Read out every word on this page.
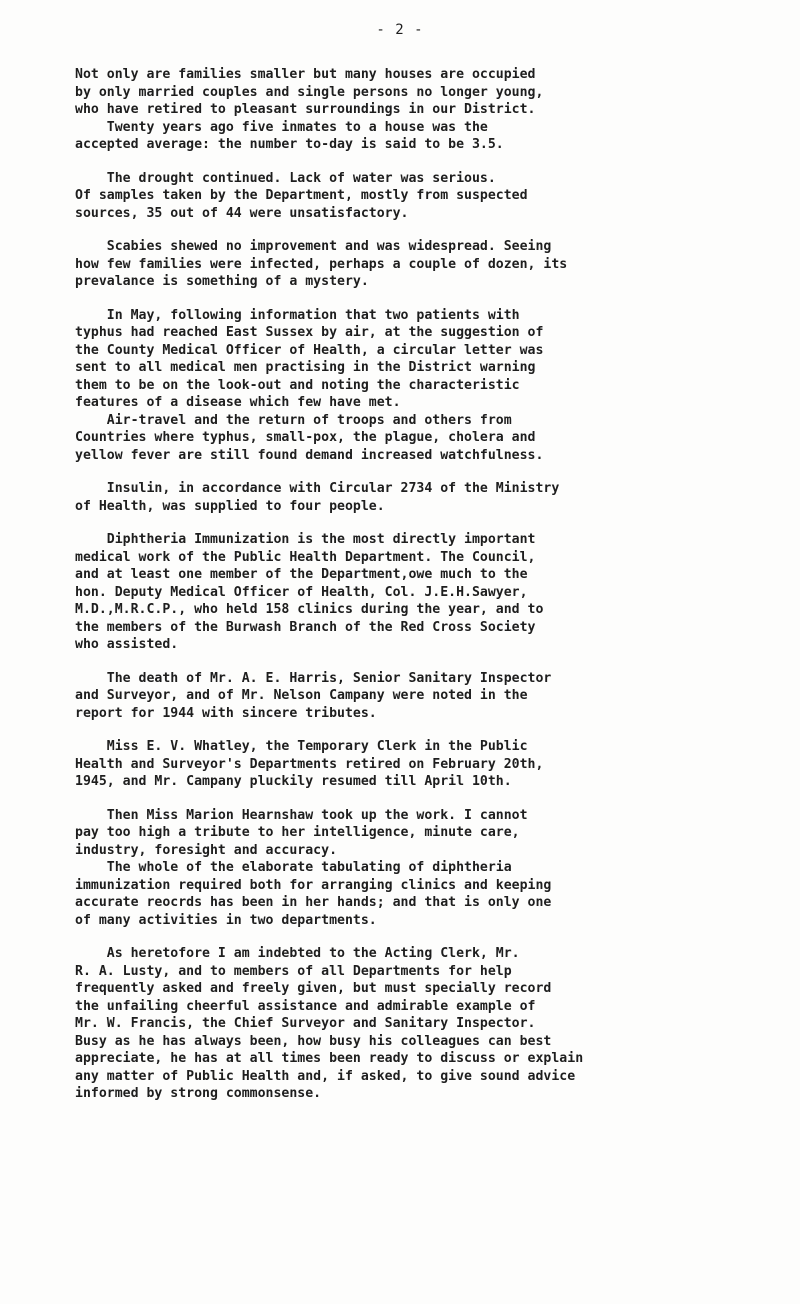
- 2 -
Not only are families smaller but many houses are occupied
by only married couples and single persons no longer young,
who have retired to pleasant surroundings in our District.
Twenty years ago five inmates to a house was the
accepted average: the number to-day is said to be 3.5.
The drought continued. Lack of water was serious.
Of samples taken by the Department, mostly from suspected
sources, 35 out of 44 were unsatisfactory.
Scabies shewed no improvement and was widespread. Seeing
how few families were infected, perhaps a couple of dozen, its
prevalance is something of a mystery.
In May, following information that two patients with
typhus had reached East Sussex by air, at the suggestion of
the County Medical Officer of Health, a circular letter was
sent to all medical men practising in the District warning
them to be on the look-out and noting the characteristic
features of a disease which few have met.
Air-travel and the return of troops and others from
Countries where typhus, small-pox, the plague, cholera and
yellow fever are still found demand increased watchfulness.
Insulin, in accordance with Circular 2734 of the Ministry
of Health, was supplied to four people.
Diphtheria Immunization is the most directly important
medical work of the Public Health Department. The Council,
and at least one member of the Department,owe much to the
hon. Deputy Medical Officer of Health, Col. J.E.H.Sawyer,
M.D.,M.R.C.P., who held 158 clinics during the year, and to
the members of the Burwash Branch of the Red Cross Society
who assisted.
The death of Mr. A. E. Harris, Senior Sanitary Inspector
and Surveyor, and of Mr. Nelson Campany were noted in the
report for 1944 with sincere tributes.
Miss E. V. Whatley, the Temporary Clerk in the Public
Health and Surveyor's Departments retired on February 20th,
1945, and Mr. Campany pluckily resumed till April 10th.
Then Miss Marion Hearnshaw took up the work. I cannot
pay too high a tribute to her intelligence, minute care,
industry, foresight and accuracy.
The whole of the elaborate tabulating of diphtheria
immunization required both for arranging clinics and keeping
accurate reocrds has been in her hands; and that is only one
of many activities in two departments.
As heretofore I am indebted to the Acting Clerk, Mr.
R. A. Lusty, and to members of all Departments for help
frequently asked and freely given, but must specially record
the unfailing cheerful assistance and admirable example of
Mr. W. Francis, the Chief Surveyor and Sanitary Inspector.
Busy as he has always been, how busy his colleagues can best
appreciate, he has at all times been ready to discuss or explain
any matter of Public Health and, if asked, to give sound advice
informed by strong commonsense.
